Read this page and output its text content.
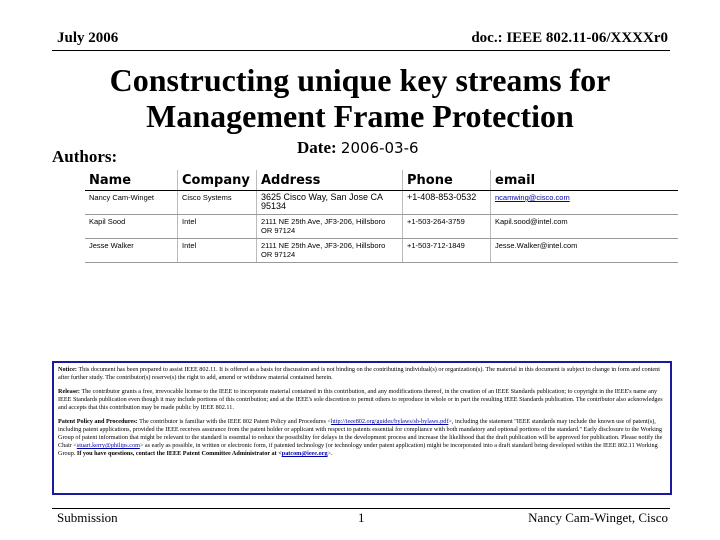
July 2006	doc.: IEEE 802.11-06/XXXXr0
Constructing unique key streams for
Management Frame Protection
Authors:	Date: 2006-03-6
Name	Company	Address	Phone	email
Nancy Cam-Winget	Cisco Systems	3625 Cisco Way, San Jose CA 95134	+1-408-853-0532	ncamwing@cisco.com
Kapil Sood	Intel	2111 NE 25th Ave, JF3-206, Hillsboro OR 97124	+1-503-264-3759	Kapil.sood@intel.com
Jesse Walker	Intel	2111 NE 25th Ave, JF3-206, Hillsboro OR 97124	+1-503-712-1849	Jesse.Walker@intel.com

Notice: This document has been prepared to assist IEEE 802.11. It is offered as a basis for discussion and is not binding on the contributing individual(s) or organization(s). The material in this document is subject to change in form and content after further study. The contributor(s) reserve(s) the right to add, amend or withdraw material contained herein.

Release: The contributor grants a free, irrevocable license to the IEEE to incorporate material contained in this contribution, and any modifications thereof, in the creation of an IEEE Standards publication; to copyright in the IEEE's name any IEEE Standards publication even though it may include portions of this contribution; and at the IEEE's sole discretion to permit others to reproduce in whole or in part the resulting IEEE Standards publication. The contributor also acknowledges and accepts that this contribution may be made public by IEEE 802.11.

Patent Policy and Procedures: The contributor is familiar with the IEEE 802 Patent Policy and Procedures <http://ieee802.org/guides/bylaws/sb-bylaws.pdf>, including the statement "IEEE standards may include the known use of patent(s), including patent applications, provided the IEEE receives assurance from the patent holder or applicant with respect to patents essential for compliance with both mandatory and optional portions of the standard." Early disclosure to the Working Group of patent information that might be relevant to the standard is essential to reduce the possibility for delays in the development process and increase the likelihood that the draft publication will be approved for publication. Please notify the Chair <stuart.kerry@philips.com> as early as possible, in written or electronic form, if patented technology (or technology under patent application) might be incorporated into a draft standard being developed within the IEEE 802.11 Working Group. If you have questions, contact the IEEE Patent Committee Administrator at <patcom@ieee.org>.

Submission	1	Nancy Cam-Winget, Cisco
